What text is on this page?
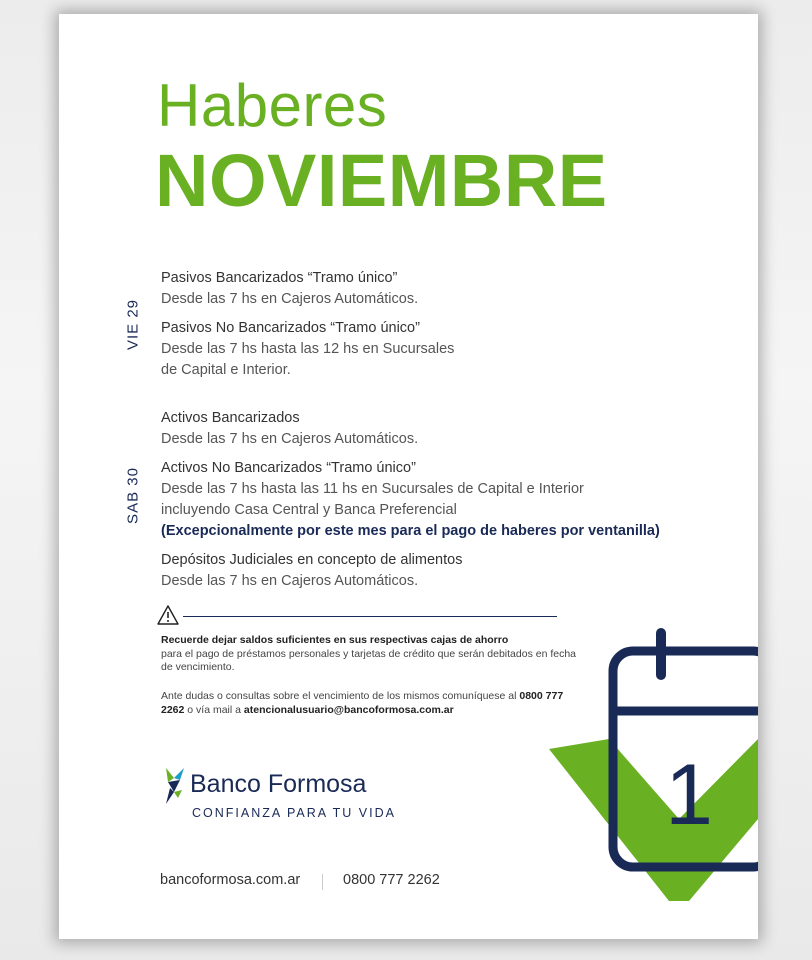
Haberes
NOVIEMBRE
VIE 29
Pasivos Bancarizados “Tramo único”
Desde las 7 hs en Cajeros Automáticos.
Pasivos No Bancarizados “Tramo único”
Desde las 7 hs hasta las 12 hs en Sucursales
de Capital e Interior.
SAB 30
Activos Bancarizados
Desde las 7 hs en Cajeros Automáticos.
Activos No Bancarizados “Tramo único”
Desde las 7 hs hasta las 11 hs en Sucursales de Capital e Interior
incluyendo Casa Central y Banca Preferencial
(Excepcionalmente por este mes para el pago de haberes por ventanilla)
Depósitos Judiciales en concepto de alimentos
Desde las 7 hs en Cajeros Automáticos.
Recuerde dejar saldos suficientes en sus respectivas cajas de ahorro
para el pago de préstamos personales y tarjetas de crédito que serán debitados en fecha de vencimiento.
Ante dudas o consultas sobre el vencimiento de los mismos comuníquese al 0800 777 2262 o vía mail a atencionalusuario@bancoformosa.com.ar
Banco Formosa
CONFIANZA PARA TU VIDA
bancoformosa.com.ar	0800 777 2262
1
